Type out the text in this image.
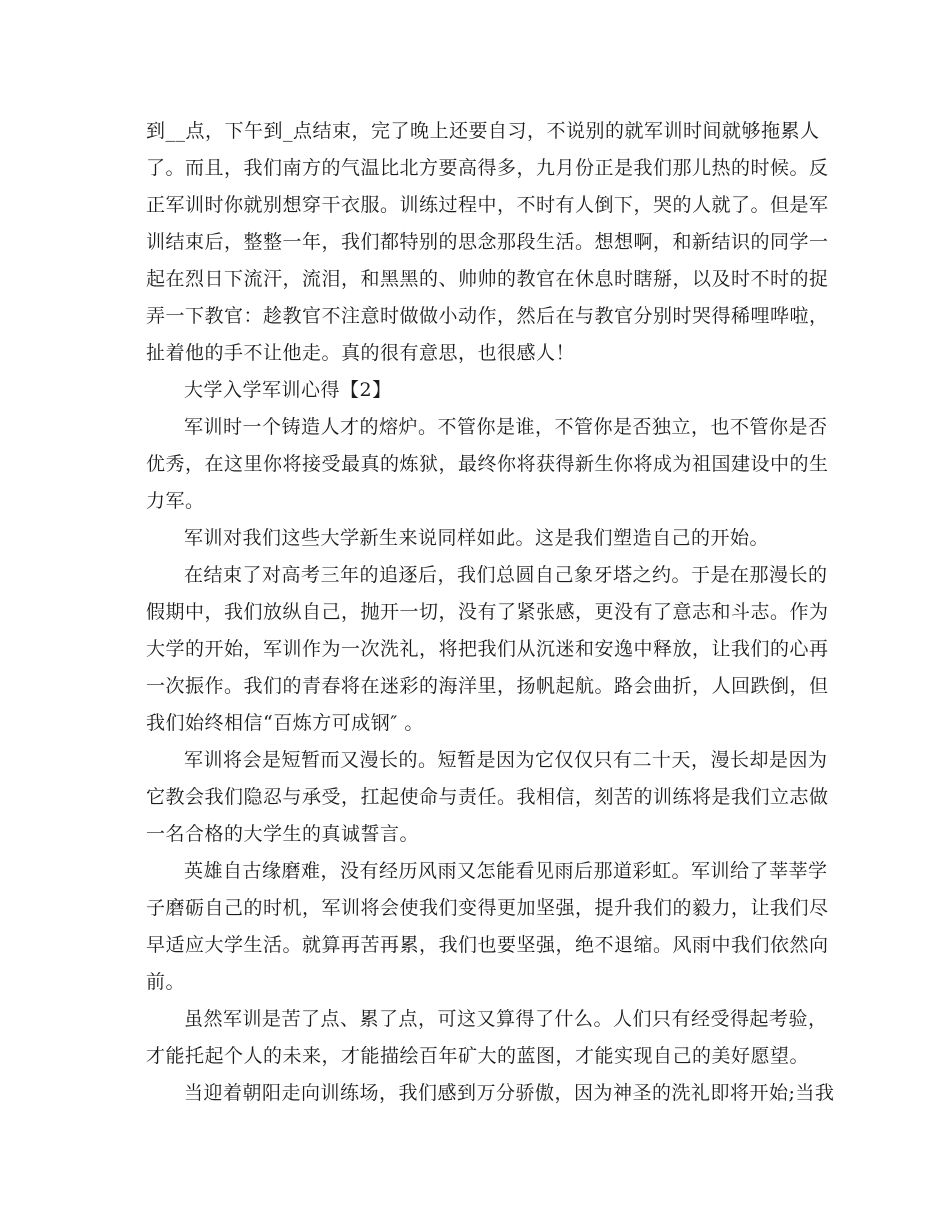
到__点，下午到_点结束，完了晚上还要自习，不说别的就军训时间就够拖累人
了。而且，我们南方的气温比北方要高得多，九月份正是我们那儿热的时候。反
正军训时你就别想穿干衣服。训练过程中，不时有人倒下，哭的人就了。但是军
训结束后，整整一年，我们都特别的思念那段生活。想想啊，和新结识的同学一
起在烈日下流汗，流泪，和黑黑的、帅帅的教官在休息时瞎掰，以及时不时的捉
弄一下教官：趁教官不注意时做做小动作，然后在与教官分别时哭得稀哩哗啦，
扯着他的手不让他走。真的很有意思，也很感人！
大学入学军训心得【2】
军训时一个铸造人才的熔炉。不管你是谁，不管你是否独立，也不管你是否
优秀，在这里你将接受最真的炼狱，最终你将获得新生你将成为祖国建设中的生
力军。
军训对我们这些大学新生来说同样如此。这是我们塑造自己的开始。
在结束了对高考三年的追逐后，我们总圆自己象牙塔之约。于是在那漫长的
假期中，我们放纵自己，抛开一切，没有了紧张感，更没有了意志和斗志。作为
大学的开始，军训作为一次洗礼，将把我们从沉迷和安逸中释放，让我们的心再
一次振作。我们的青春将在迷彩的海洋里，扬帆起航。路会曲折，人回跌倒，但
我们始终相信“百炼方可成钢″ 。
军训将会是短暂而又漫长的。短暂是因为它仅仅只有二十天，漫长却是因为
它教会我们隐忍与承受，扛起使命与责任。我相信，刻苦的训练将是我们立志做
一名合格的大学生的真诚誓言。
英雄自古缘磨难，没有经历风雨又怎能看见雨后那道彩虹。军训给了莘莘学
子磨砺自己的时机，军训将会使我们变得更加坚强，提升我们的毅力，让我们尽
早适应大学生活。就算再苦再累，我们也要坚强，绝不退缩。风雨中我们依然向
前。
虽然军训是苦了点、累了点，可这又算得了什么。人们只有经受得起考验，
才能托起个人的未来，才能描绘百年矿大的蓝图，才能实现自己的美好愿望。
当迎着朝阳走向训练场，我们感到万分骄傲，因为神圣的洗礼即将开始;当我
